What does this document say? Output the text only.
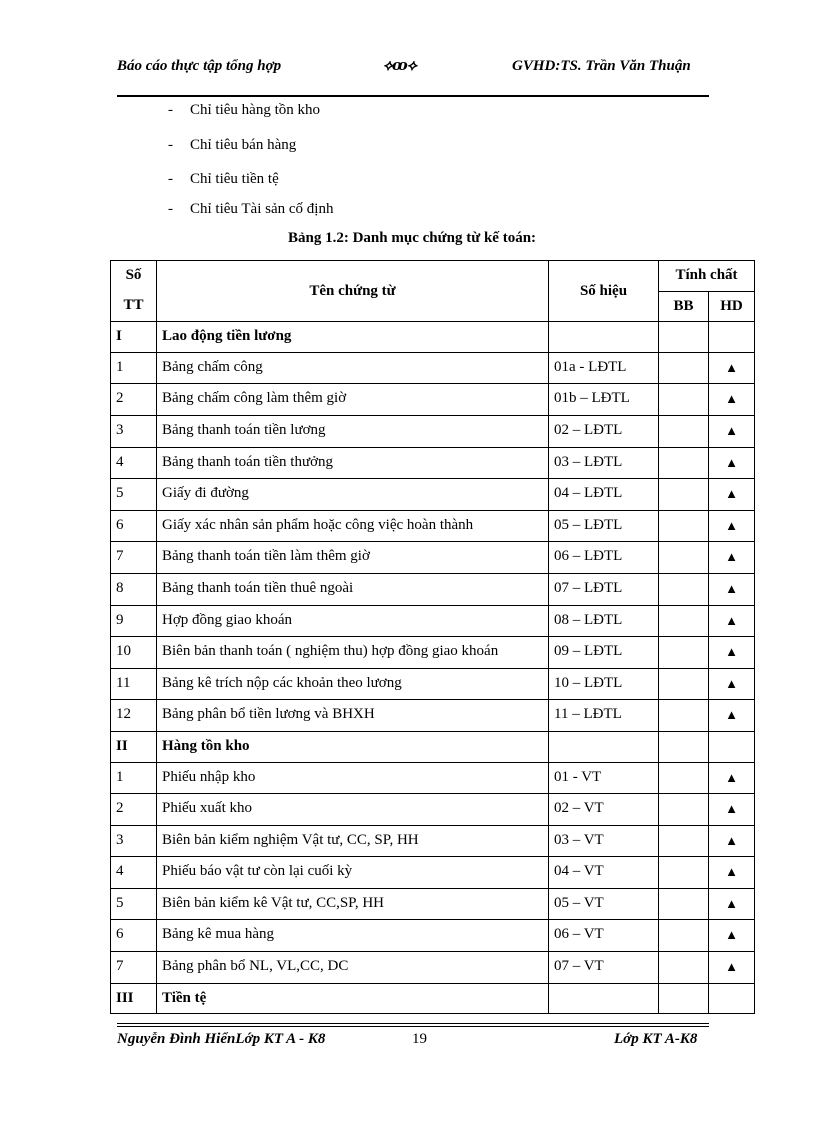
Báo cáo thực tập tổng hợp	⟡ꝏ⟡	GVHD:TS. Trần Văn Thuận
- Chỉ tiêu hàng tồn kho
- Chỉ tiêu bán hàng
- Chỉ tiêu tiền tệ
- Chỉ tiêu Tài sản cố định
Bảng 1.2: Danh mục chứng từ kế toán:
Số
TT	Tên chứng từ	Số hiệu	Tính chất	
			BB	HD
I	Lao động tiền lương			
1	Bảng chấm công	01a - LĐTL		▲
2	Bảng chấm công làm thêm giờ	01b – LĐTL		▲
3	Bảng thanh toán tiền lương	02 – LĐTL		▲
4	Bảng thanh toán tiền thưởng	03 – LĐTL		▲
5	Giấy đi đường	04 – LĐTL		▲
6	Giấy xác nhân sản phẩm hoặc công việc hoàn thành	05 – LĐTL		▲
7	Bảng thanh toán tiền làm thêm giờ	06 – LĐTL		▲
8	Bảng thanh toán tiền thuê ngoài	07 – LĐTL		▲
9	Hợp đồng giao khoán	08 – LĐTL		▲
10	Biên bản thanh toán ( nghiệm thu) hợp đồng giao khoán	09 – LĐTL		▲
11	Bảng kê trích nộp các khoản theo lương	10 – LĐTL		▲
12	Bảng phân bổ tiền lương và BHXH	11 – LĐTL		▲
II	Hàng tồn kho			
1	Phiếu nhập kho	01 - VT		▲
2	Phiếu xuất kho	02 – VT		▲
3	Biên bản kiểm nghiệm Vật tư, CC, SP, HH	03 – VT		▲
4	Phiếu báo vật tư còn lại cuối kỳ	04 – VT		▲
5	Biên bản kiểm kê Vật tư, CC,SP, HH	05 – VT		▲
6	Bảng kê mua hàng	06 – VT		▲
7	Bảng phân bổ NL, VL,CC, DC	07 – VT		▲
III	Tiền tệ			
Nguyễn Đình HiểnLớp KT A - K8	19	Lớp KT A-K8
